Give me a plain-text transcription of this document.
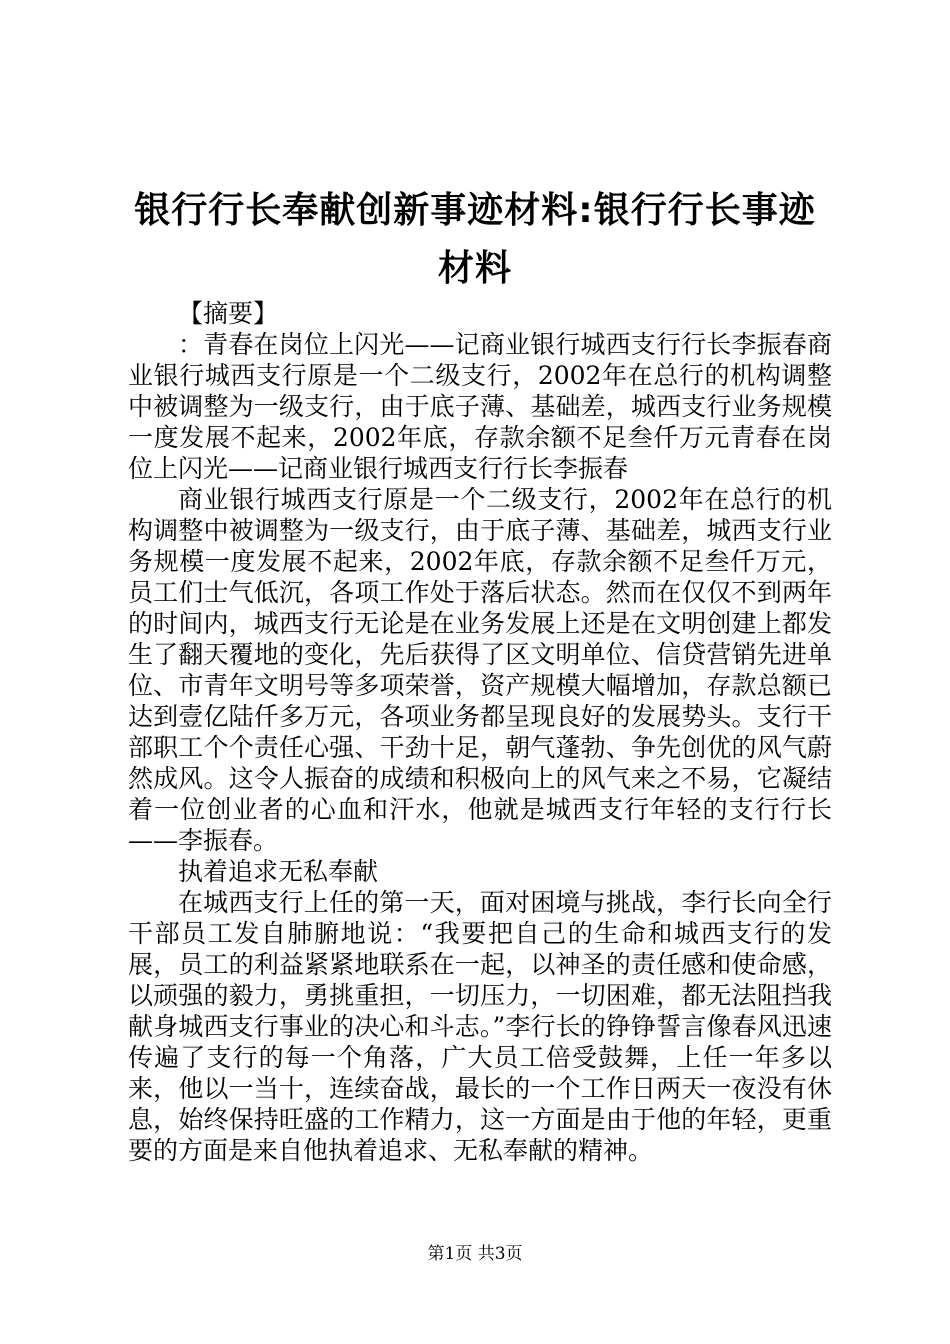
银行行长奉献创新事迹材料:银行行长事迹材料

【摘要】

：青春在岗位上闪光——记商业银行城西支行行长李振春商业银行城西支行原是一个二级支行，2002年在总行的机构调整中被调整为一级支行，由于底子薄、基础差，城西支行业务规模一度发展不起来，2002年底，存款余额不足叁仟万元青春在岗位上闪光——记商业银行城西支行行长李振春

商业银行城西支行原是一个二级支行，2002年在总行的机构调整中被调整为一级支行，由于底子薄、基础差，城西支行业务规模一度发展不起来，2002年底，存款余额不足叁仟万元，员工们士气低沉，各项工作处于落后状态。然而在仅仅不到两年的时间内，城西支行无论是在业务发展上还是在文明创建上都发生了翻天覆地的变化，先后获得了区文明单位、信贷营销先进单位、市青年文明号等多项荣誉，资产规模大幅增加，存款总额已达到壹亿陆仟多万元，各项业务都呈现良好的发展势头。支行干部职工个个责任心强、干劲十足，朝气蓬勃、争先创优的风气蔚然成风。这令人振奋的成绩和积极向上的风气来之不易，它凝结着一位创业者的心血和汗水，他就是城西支行年轻的支行行长——李振春。

执着追求无私奉献

在城西支行上任的第一天，面对困境与挑战，李行长向全行干部员工发自肺腑地说：“我要把自己的生命和城西支行的发展，员工的利益紧紧地联系在一起，以神圣的责任感和使命感，以顽强的毅力，勇挑重担，一切压力，一切困难，都无法阻挡我献身城西支行事业的决心和斗志。”李行长的铮铮誓言像春风迅速传遍了支行的每一个角落，广大员工倍受鼓舞，上任一年多以来，他以一当十，连续奋战，最长的一个工作日两天一夜没有休息，始终保持旺盛的工作精力，这一方面是由于他的年轻，更重要的方面是来自他执着追求、无私奉献的精神。

第1页 共3页
